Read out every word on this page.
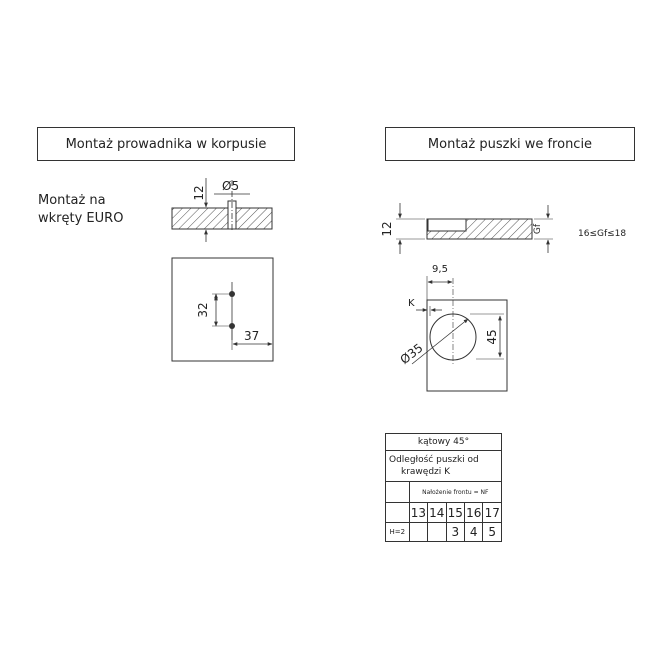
Montaż prowadnika w korpusie	Montaż puszki we froncie
Montaż na
wkręty EURO
12 Ø5
32
37
12	Gf	16≤Gf≤18
9,5
K
Ø35
45
kątowy 45°					

Odległość puszki od
krawędzi K					

	Nałożenie frontu = NF				
	13	14	15	16	17
H=2			3	4	5
